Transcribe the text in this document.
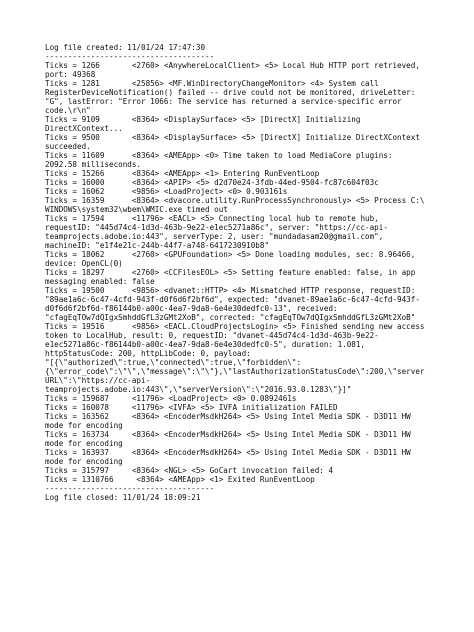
Log file created: 11/01/24 17:47:30
-------------------------------------
Ticks = 1266       <2760> <AnywhereLocalClient> <5> Local Hub HTTP port retrieved,
port: 49368
Ticks = 1281       <25856> <MF.WinDirectoryChangeMonitor> <4> System call
RegisterDeviceNotification() failed -- drive could not be monitored, driveLetter:
"G", lastError: "Error 1066: The service has returned a service-specific error
code.\r\n"
Ticks = 9109       <8364> <DisplaySurface> <5> [DirectX] Initializing
DirectXContext...
Ticks = 9500       <8364> <DisplaySurface> <5> [DirectX] Initialize DirectXContext
succeeded.
Ticks = 11609      <8364> <AMEApp> <0> Time taken to load MediaCore plugins:
2092.58 milliseconds.
Ticks = 15266      <8364> <AMEApp> <1> Entering RunEventLoop
Ticks = 16000      <8364> <APIP> <5> d2d70e24-3fdb-44ed-9504-fc87c604f03c
Ticks = 16062      <9856> <LoadProject> <0> 0.903161s
Ticks = 16359      <8364> <dvacore.utility.RunProcessSynchronously> <5> Process C:\
WINDOWS\system32\wbem\WMIC.exe timed out
Ticks = 17594      <11796> <EACL> <5> Connecting local hub to remote hub,
requestID: "445d74c4-1d3d-463b-9e22-e1ec5271a86c", server: "https://cc-api-
teamprojects.adobe.io:443", serverType: 2, user: "mundadasam20@gmail.com",
machineID: "e1f4e21c-244b-44f7-a748-6417230910b8"
Ticks = 18062      <2760> <GPUFoundation> <5> Done loading modules, sec: 8.96466,
device: OpenCL(0)
Ticks = 18297      <2760> <CCFilesEOL> <5> Setting feature enabled: false, in app
messaging enabled: false
Ticks = 19500      <9856> <dvanet::HTTP> <4> Mismatched HTTP response, requestID:
"89ae1a6c-6c47-4cfd-943f-d0f6d6f2bf6d", expected: "dvanet-89ae1a6c-6c47-4cfd-943f-
d0f6d6f2bf6d-f86144b0-a00c-4ea7-9da8-6e4e30dedfc0-13", received:
"cfagEqTOw7dQIgxSmhddGfL3zGMt2XoB", corrected: "cfagEqTOw7dQIgxSmhddGfL3zGMt2XoB"
Ticks = 19516      <9856> <EACL.CloudProjectsLogin> <5> Finished sending new access
token to LocalHub, result: 0, requestID: "dvanet-445d74c4-1d3d-463b-9e22-
e1ec5271a86c-f86144b0-a00c-4ea7-9da8-6e4e30dedfc0-5", duration: 1.081,
httpStatusCode: 200, httpLibCode: 0, payload:
"[{\"authorized\":true,\"connected\":true,\"forbidden\":
{\"error_code\":\"\",\"message\":\"\"},\"lastAuthorizationStatusCode\":200,\"server
URL\":\"https://cc-api-
teamprojects.adobe.io:443\",\"serverVersion\":\"2016.93.0.1283\"}]"
Ticks = 159687     <11796> <LoadProject> <0> 0.0892461s
Ticks = 160078     <11796> <IVFA> <5> IVFA initialization FAILED
Ticks = 163562     <8364> <EncoderMsdkH264> <5> Using Intel Media SDK - D3D11 HW
mode for encoding
Ticks = 163734     <8364> <EncoderMsdkH264> <5> Using Intel Media SDK - D3D11 HW
mode for encoding
Ticks = 163937     <8364> <EncoderMsdkH264> <5> Using Intel Media SDK - D3D11 HW
mode for encoding
Ticks = 315797     <8364> <NGL> <5> GoCart invocation failed: 4
Ticks = 1310766     <8364> <AMEApp> <1> Exited RunEventLoop
-------------------------------------
Log file closed: 11/01/24 18:09:21
